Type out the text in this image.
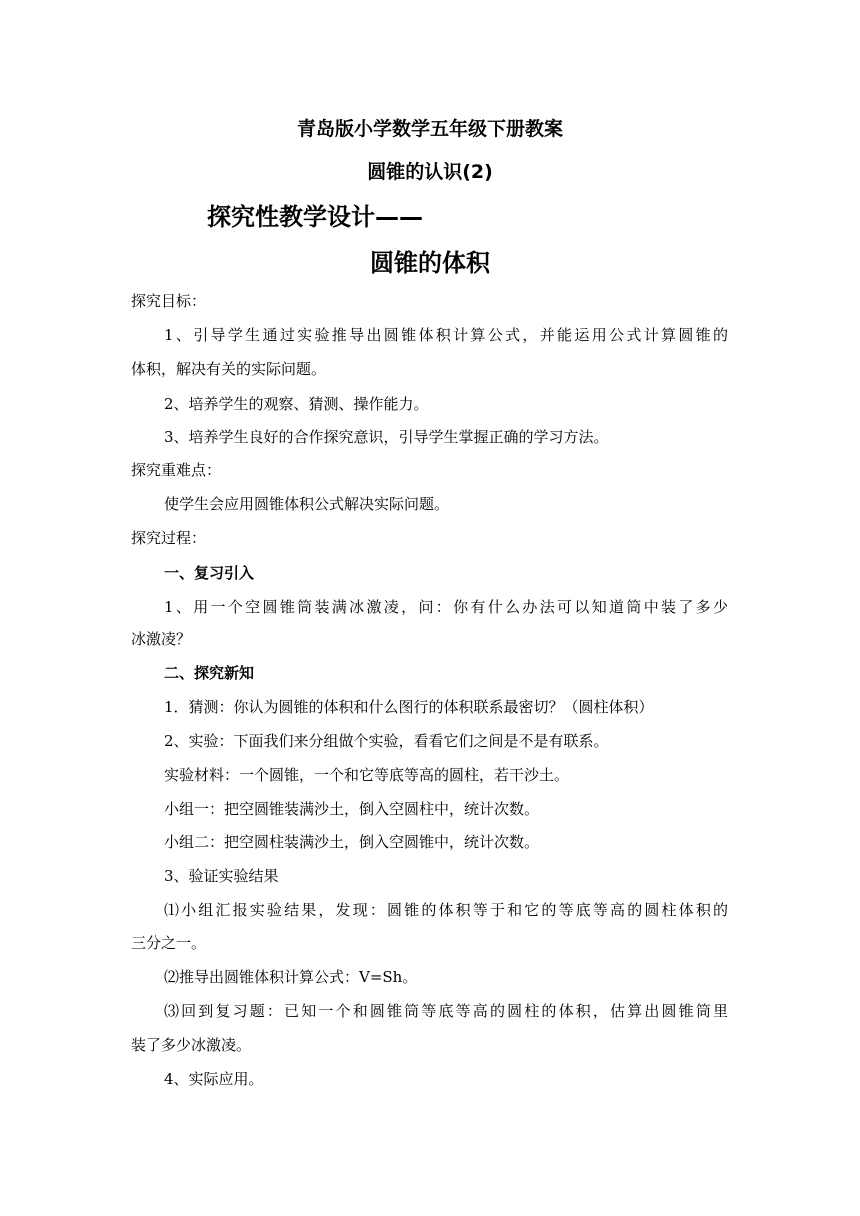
青岛版小学数学五年级下册教案
圆锥的认识(2)
探究性教学设计——
圆锥的体积
探究目标：
1、引导学生通过实验推导出圆锥体积计算公式，并能运用公式计算圆锥的
体积，解决有关的实际问题。
2、培养学生的观察、猜测、操作能力。
3、培养学生良好的合作探究意识，引导学生掌握正确的学习方法。
探究重难点：
使学生会应用圆锥体积公式解决实际问题。
探究过程：
一、复习引入
1、用一个空圆锥筒装满冰激凌，问：你有什么办法可以知道筒中装了多少
冰激凌？
二、探究新知
1．猜测：你认为圆锥的体积和什么图行的体积联系最密切？（圆柱体积）
2、实验：下面我们来分组做个实验，看看它们之间是不是有联系。
实验材料：一个圆锥，一个和它等底等高的圆柱，若干沙土。
小组一：把空圆锥装满沙土，倒入空圆柱中，统计次数。
小组二：把空圆柱装满沙土，倒入空圆锥中，统计次数。
3、验证实验结果
⑴小组汇报实验结果，发现：圆锥的体积等于和它的等底等高的圆柱体积的
三分之一。
⑵推导出圆锥体积计算公式：V=Sh。
⑶回到复习题：已知一个和圆锥筒等底等高的圆柱的体积，估算出圆锥筒里
装了多少冰激凌。
4、实际应用。
